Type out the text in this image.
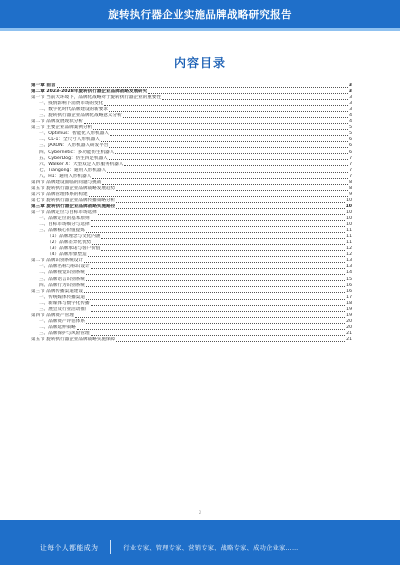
旋转执行器企业实施品牌战略研究报告
内容目录
第一章 前言	3
第二章 2023-2028年旋转执行器企业品牌战略发展研究	3
第一节 当前大环境下，品牌化战略对于旋转执行器企业的重要性	3
一、疫情影响下消费市场的变化	3
二、数字化时代品牌建设的新要求	3
三、旋转执行器企业品牌化战略意义分析	4
第二节 品牌发展现状分析	4
第三节 主要企业品牌案例分析	5
一、Optimus：智能化人形机器人	5
二、CL-1：全尺寸人形机器人	6
三、JAXON：人形机器人研发平台	6
四、Cybernetic：多功能仿生机器人	6
五、CyberDog：仿生四足机器人	7
六、Walker X：大型双足人形服务机器人	7
七、Tiangong：通用人形机器人	7
八、H1：通用人形机器人	7
第四节 品牌建设面临的问题与挑战	8
第五节 旋转执行器企业品牌战略发展趋势	8
第六节 品牌管理体系的构建	9
第七节 旋转执行器企业品牌传播策略分析	10
第三章 旋转执行器企业品牌战略实施路径	10
第一节 品牌定位与目标市场选择	10
一、品牌定位的基本原则	10
二、目标市场细分与选择	10
三、品牌核心价值提炼	11
（1）品牌理念与文化内涵	11
（2）品牌差异化优势	11
（3）品牌承诺与客户价值	12
（4）品牌形象塑造	12
第二节 品牌识别系统设计	13
一、品牌名称与标识设计	13
二、品牌视觉识别系统	14
三、品牌语言识别系统	15
四、品牌行为识别系统	16
第三节 品牌传播渠道建设	16
一、传统媒体传播渠道	17
二、新媒体与数字化传播	18
三、展会及行业活动推广	19
第四节 品牌资产管理	19
一、品牌资产评估体系	20
二、品牌延伸策略	20
三、品牌保护与风险管理	21
第五节 旋转执行器企业品牌战略实施保障	21
2
让每个人都能成为	行业专家、管理专家、营销专家、战略专家、成功企业家……
